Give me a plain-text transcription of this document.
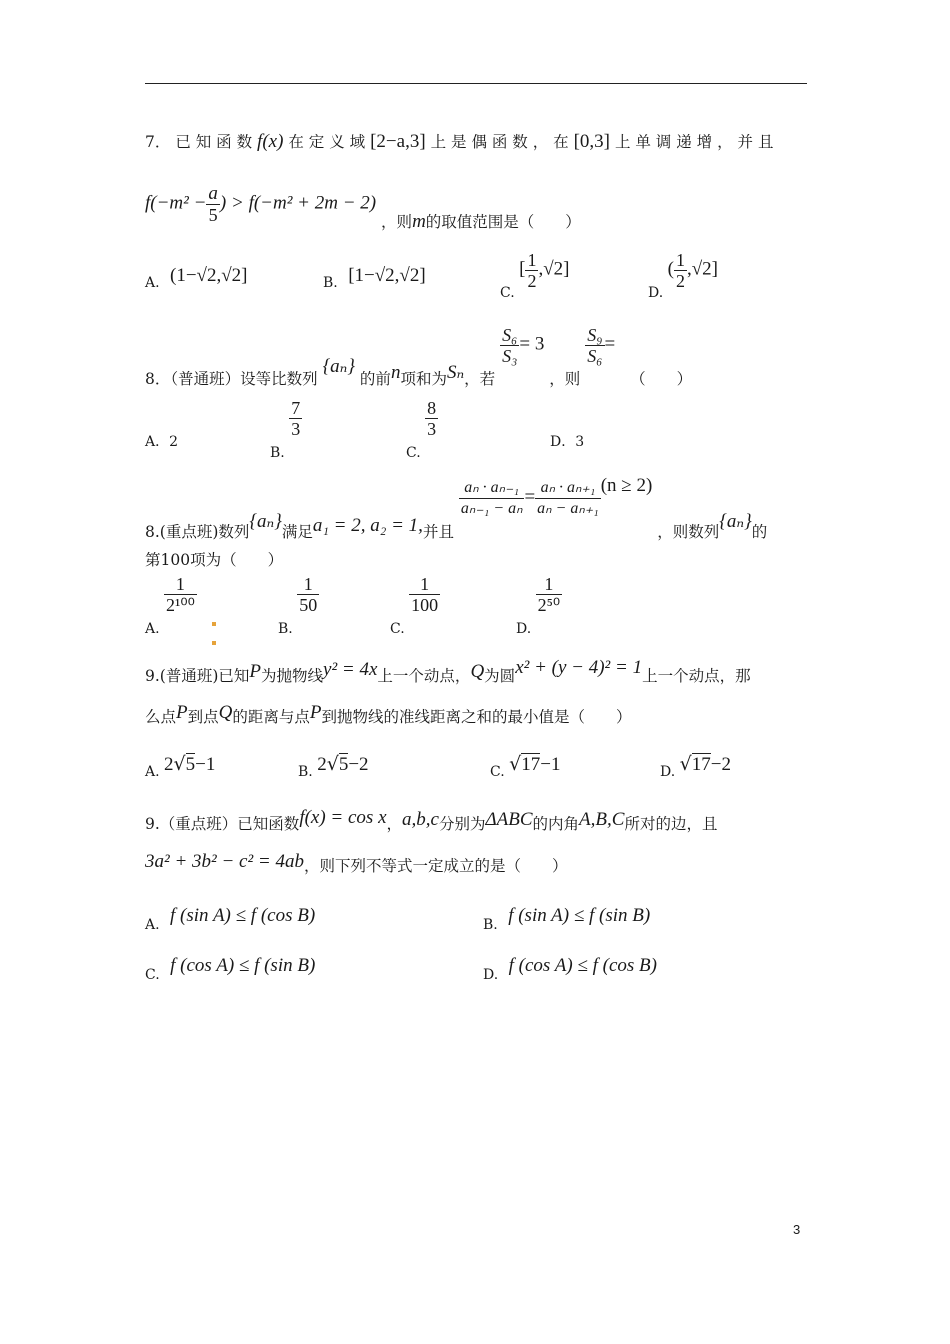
7． 已 知 函 数 f(x) 在 定 义 域 [2−a,3] 上 是 偶 函 数 ， 在 [0,3] 上 单 调 递 增 ， 并 且
$f(-m^2 - \frac{a}{5}$ ) > f(−m² + 2m − 2) ，则m的取值范围是（　　）
A. (1−√2,√2]	B. [1−√2,√2]
C. [ $\frac{1}{2} ,√2$]
D. ( $\frac{1}{2} ,√2$]
8．（普通班）设等比数列 {aₙ} 的前n项和为Sₙ，若
$\frac{\text{S₆}}{\text{S₃}} = 3$ ，则
$\frac{\text{S₉}}{\text{S₆}}$ = （　　）
A．2
B.
$\frac{7}{3}$
C.
$\frac{8}{3}$
D．3
8.(重点班)数列{aₙ}满足a₁ = 2, a₂ = 1,并且
$\frac{\text{aₙ · aₙ₋₁}}{\text{aₙ₋₁ − aₙ}} = \frac{\text{aₙ · aₙ₊₁}}{\text{aₙ − aₙ₊₁}} (n \ge 2)$ ，则数列{aₙ}的
第100项为（　　）
A.
$\frac{1}{\text{2¹⁰⁰}}$
B.
$\frac{1}{50}$
C.
$\frac{1}{100}$
D.
$\frac{1}{\text{2⁵⁰}}$
9.(普通班)已知P为抛物线y² = 4x上一个动点，Q为圆x² + (y − 4)² = 1上一个动点，那
么点P到点Q的距离与点P到抛物线的准线距离之和的最小值是（　　）
A. 2√5−1	B. 2√5−2	C. √17−1	D. √17−2
9.（重点班）已知函数f(x) = cos x，a,b,c分别为ΔABC的内角A,B,C所对的边，且
3a² + 3b² − c² = 4ab，则下列不等式一定成立的是（　　）
A. f (sin A) ≤ f (cos B)	B. f (sin A) ≤ f (sin B)
C. f (cos A) ≤ f (sin B)	D. f (cos A) ≤ f (cos B)
3
